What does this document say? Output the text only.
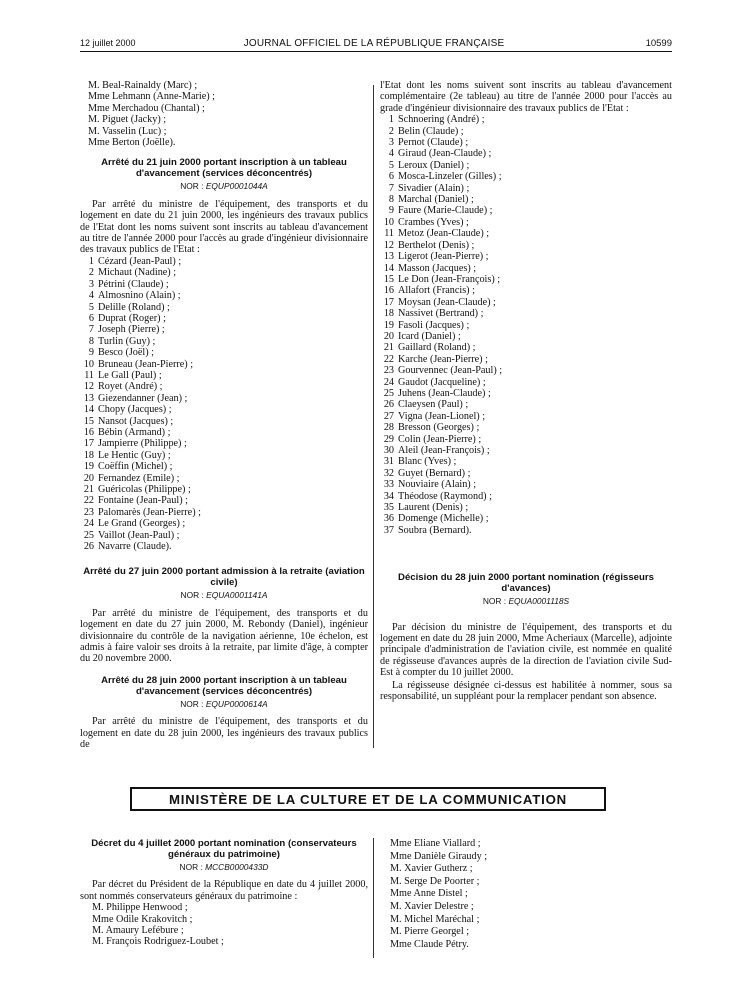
12 juillet 2000	JOURNAL OFFICIEL DE LA RÉPUBLIQUE FRANÇAISE	10599
M. Beal-Rainaldy (Marc) ;
Mme Lehmann (Anne-Marie) ;
Mme Merchadou (Chantal) ;
M. Piguet (Jacky) ;
M. Vasselin (Luc) ;
Mme Berton (Joëlle).
Arrêté du 21 juin 2000 portant inscription à un tableau d'avancement (services déconcentrés)
NOR : EQUP0001044A

Par arrêté du ministre de l'équipement, des transports et du logement en date du 21 juin 2000, les ingénieurs des travaux publics de l'Etat dont les noms suivent sont inscrits au tableau d'avancement au titre de l'année 2000 pour l'accès au grade d'ingénieur divisionnaire des travaux publics de l'Etat :

1 Cézard (Jean-Paul) ;
2 Michaut (Nadine) ;
3 Pétrini (Claude) ;
4 Almosnino (Alain) ;
5 Delille (Roland) ;
6 Duprat (Roger) ;
7 Joseph (Pierre) ;
8 Turlin (Guy) ;
9 Besco (Joël) ;
10 Bruneau (Jean-Pierre) ;
11 Le Gall (Paul) ;
12 Royet (André) ;
13 Giezendanner (Jean) ;
14 Chopy (Jacques) ;
15 Nansot (Jacques) ;
16 Bébin (Armand) ;
17 Jampierre (Philippe) ;
18 Le Hentic (Guy) ;
19 Coëffin (Michel) ;
20 Fernandez (Emile) ;
21 Guéricolas (Philippe) ;
22 Fontaine (Jean-Paul) ;
23 Palomarès (Jean-Pierre) ;
24 Le Grand (Georges) ;
25 Vaillot (Jean-Paul) ;
26 Navarre (Claude).
Arrêté du 27 juin 2000 portant admission à la retraite (aviation civile)
NOR : EQUA0001141A

Par arrêté du ministre de l'équipement, des transports et du logement en date du 27 juin 2000, M. Rebondy (Daniel), ingénieur divisionnaire du contrôle de la navigation aérienne, 10e échelon, est admis à faire valoir ses droits à la retraite, par limite d'âge, à compter du 20 novembre 2000.

Arrêté du 28 juin 2000 portant inscription à un tableau d'avancement (services déconcentrés)
NOR : EQUP0000614A

Par arrêté du ministre de l'équipement, des transports et du logement en date du 28 juin 2000, les ingénieurs des travaux publics de

l'Etat dont les noms suivent sont inscrits au tableau d'avancement complémentaire (2e tableau) au titre de l'année 2000 pour l'accès au grade d'ingénieur divisionnaire des travaux publics de l'Etat :

1 Schnoering (André) ;
2 Belin (Claude) ;
3 Pernot (Claude) ;
4 Giraud (Jean-Claude) ;
5 Leroux (Daniel) ;
6 Mosca-Linzeler (Gilles) ;
7 Sivadier (Alain) ;
8 Marchal (Daniel) ;
9 Faure (Marie-Claude) ;
10 Crambes (Yves) ;
11 Metoz (Jean-Claude) ;
12 Berthelot (Denis) ;
13 Ligerot (Jean-Pierre) ;
14 Masson (Jacques) ;
15 Le Don (Jean-François) ;
16 Allafort (Francis) ;
17 Moysan (Jean-Claude) ;
18 Nassivet (Bertrand) ;
19 Fasoli (Jacques) ;
20 Icard (Daniel) ;
21 Gaillard (Roland) ;
22 Karche (Jean-Pierre) ;
23 Gourvennec (Jean-Paul) ;
24 Gaudot (Jacqueline) ;
25 Juhens (Jean-Claude) ;
26 Claeysen (Paul) ;
27 Vigna (Jean-Lionel) ;
28 Bresson (Georges) ;
29 Colin (Jean-Pierre) ;
30 Aleil (Jean-François) ;
31 Blanc (Yves) ;
32 Guyet (Bernard) ;
33 Nouviaire (Alain) ;
34 Théodose (Raymond) ;
35 Laurent (Denis) ;
36 Domenge (Michelle) ;
37 Soubra (Bernard).
Décision du 28 juin 2000 portant nomination (régisseurs d'avances)
NOR : EQUA0001118S

Par décision du ministre de l'équipement, des transports et du logement en date du 28 juin 2000, Mme Acheriaux (Marcelle), adjointe principale d'administration de l'aviation civile, est nommée en qualité de régisseuse d'avances auprès de la direction de l'aviation civile Sud-Est à compter du 10 juillet 2000.

La régisseuse désignée ci-dessus est habilitée à nommer, sous sa responsabilité, un suppléant pour la remplacer pendant son absence.

MINISTÈRE DE LA CULTURE ET DE LA COMMUNICATION
Décret du 4 juillet 2000 portant nomination (conservateurs généraux du patrimoine)
NOR : MCCB0000433D

Par décret du Président de la République en date du 4 juillet 2000, sont nommés conservateurs généraux du patrimoine :

M. Philippe Henwood ;
Mme Odile Krakovitch ;
M. Amaury Lefébure ;
M. François Rodriguez-Loubet ;
Mme Eliane Viallard ;
Mme Danièle Giraudy ;
M. Xavier Gutherz ;
M. Serge De Poorter ;
Mme Anne Distel ;
M. Xavier Delestre ;
M. Michel Maréchal ;
M. Pierre Georgel ;
Mme Claude Pétry.
